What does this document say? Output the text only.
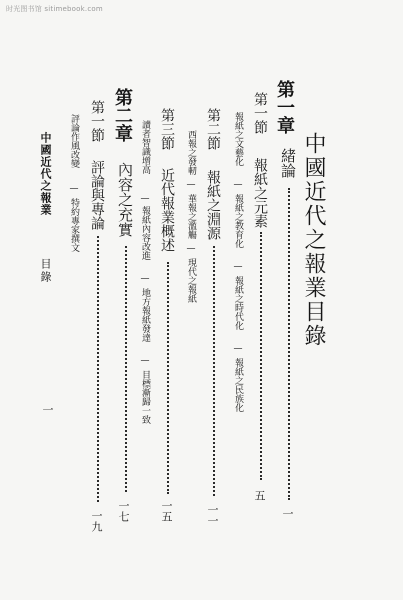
时光图书馆 sitimebook.com
中國近代之報業目錄
第一章
緒論
一
第一節
報紙之元素
五
報紙之文藝化
—
報紙之教育化
—
報紙之時代化
—
報紙之民族化
第二節
報紙之淵源
一一
西報之發軔
—
華報之濫觴
—
現代之報紙
第三節
近代報業概述
一五
讀者智識增高
—
報紙內容改進
—
地方報紙發達
—
目標漸歸一致
第二章
內容之充實
一七
第一節
評論與專論
一九
評論作風改變
—
特約專家撰文
中國近代之報業
目錄
一
